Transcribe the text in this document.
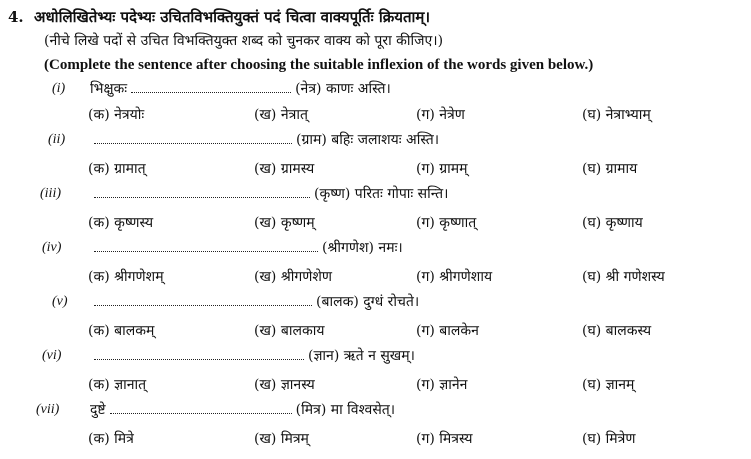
4. अधोलिखितेभ्यः पदेभ्यः उचितविभक्तियुक्तं पदं चित्वा वाक्यपूर्तिः क्रियताम्।
(नीचे लिखे पदों से उचित विभक्तियुक्त शब्द को चुनकर वाक्य को पूरा कीजिए।)
(Complete the sentence after choosing the suitable inflexion of the words given below.)
(i) भिक्षुकः	(नेत्र) काणः अस्ति।
(क) नेत्रयोः	(ख) नेत्रात्	(ग) नेत्रेण	(घ) नेत्राभ्याम्
(ii)	(ग्राम) बहिः जलाशयः अस्ति।
(क) ग्रामात्	(ख) ग्रामस्य	(ग) ग्रामम्	(घ) ग्रामाय
(iii)	(कृष्ण) परितः गोपाः सन्ति।
(क) कृष्णस्य	(ख) कृष्णम्	(ग) कृष्णात्	(घ) कृष्णाय
(iv)	(श्रीगणेश) नमः।
(क) श्रीगणेशम्	(ख) श्रीगणेशेण	(ग) श्रीगणेशाय	(घ) श्री गणेशस्य
(v)	(बालक) दुग्धं रोचते।
(क) बालकम्	(ख) बालकाय	(ग) बालकेन	(घ) बालकस्य
(vi)	(ज्ञान) ऋते न सुखम्।
(क) ज्ञानात्	(ख) ज्ञानस्य	(ग) ज्ञानेन	(घ) ज्ञानम्
(vii) दुष्टे	(मित्र) मा विश्वसेत्।
(क) मित्रे	(ख) मित्रम्	(ग) मित्रस्य	(घ) मित्रेण
